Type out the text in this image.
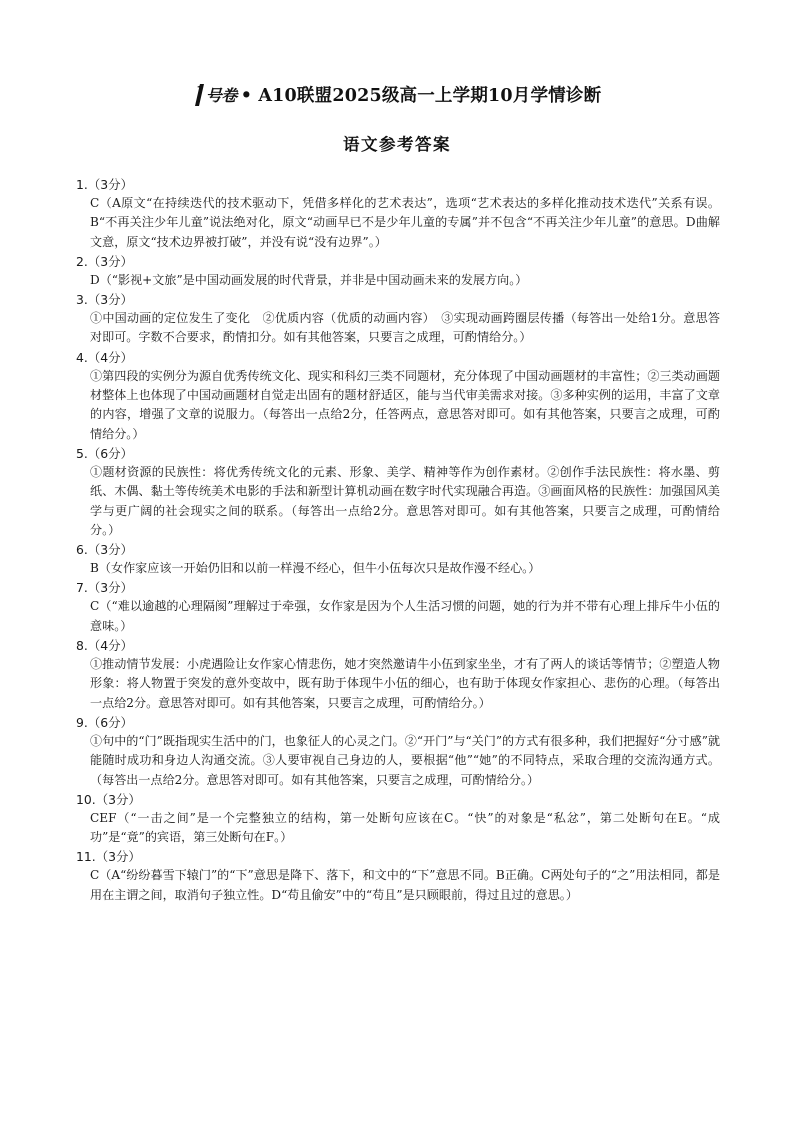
号卷 • A10联盟2025级高一上学期10月学情诊断
语文参考答案
1.（3分）
C（A原文“在持续迭代的技术驱动下，凭借多样化的艺术表达”，选项“艺术表达的多样化推动技术迭代”关系有误。B“不再关注少年儿童”说法绝对化，原文“动画早已不是少年儿童的专属”并不包含“不再关注少年儿童”的意思。D曲解文意，原文“技术边界被打破”，并没有说“没有边界”。）
2.（3分）
D（“影视+文旅”是中国动画发展的时代背景，并非是中国动画未来的发展方向。）
3.（3分）
①中国动画的定位发生了变化　②优质内容（优质的动画内容）　③实现动画跨圈层传播（每答出一处给1分。意思答对即可。字数不合要求，酌情扣分。如有其他答案，只要言之成理，可酌情给分。）
4.（4分）
①第四段的实例分为源自优秀传统文化、现实和科幻三类不同题材，充分体现了中国动画题材的丰富性；②三类动画题材整体上也体现了中国动画题材自觉走出固有的题材舒适区，能与当代审美需求对接。③多种实例的运用，丰富了文章的内容，增强了文章的说服力。（每答出一点给2分，任答两点，意思答对即可。如有其他答案，只要言之成理，可酌情给分。）
5.（6分）
①题材资源的民族性：将优秀传统文化的元素、形象、美学、精神等作为创作素材。②创作手法民族性：将水墨、剪纸、木偶、黏土等传统美术电影的手法和新型计算机动画在数字时代实现融合再造。③画面风格的民族性：加强国风美学与更广阔的社会现实之间的联系。（每答出一点给2分。意思答对即可。如有其他答案，只要言之成理，可酌情给分。）
6.（3分）
B（女作家应该一开始仍旧和以前一样漫不经心，但牛小伍每次只是故作漫不经心。）
7.（3分）
C（“难以逾越的心理隔阂”理解过于牵强，女作家是因为个人生活习惯的问题，她的行为并不带有心理上排斥牛小伍的意味。）
8.（4分）
①推动情节发展：小虎遇险让女作家心情悲伤，她才突然邀请牛小伍到家坐坐，才有了两人的谈话等情节；②塑造人物形象：将人物置于突发的意外变故中，既有助于体现牛小伍的细心，也有助于体现女作家担心、悲伤的心理。（每答出一点给2分。意思答对即可。如有其他答案，只要言之成理，可酌情给分。）
9.（6分）
①句中的“门”既指现实生活中的门，也象征人的心灵之门。②“开门”与“关门”的方式有很多种，我们把握好“分寸感”就能随时成功和身边人沟通交流。③人要审视自己身边的人，要根据“他”“她”的不同特点，采取合理的交流沟通方式。（每答出一点给2分。意思答对即可。如有其他答案，只要言之成理，可酌情给分。）
10.（3分）
CEF（“一击之间”是一个完整独立的结构，第一处断句应该在C。“快”的对象是“私忿”，第二处断句在E。“成功”是“竟”的宾语，第三处断句在F。）
11.（3分）
C（A“纷纷暮雪下辕门”的“下”意思是降下、落下，和文中的“下”意思不同。B正确。C两处句子的“之”用法相同，都是用在主谓之间，取消句子独立性。D“苟且偷安”中的“苟且”是只顾眼前，得过且过的意思。）
